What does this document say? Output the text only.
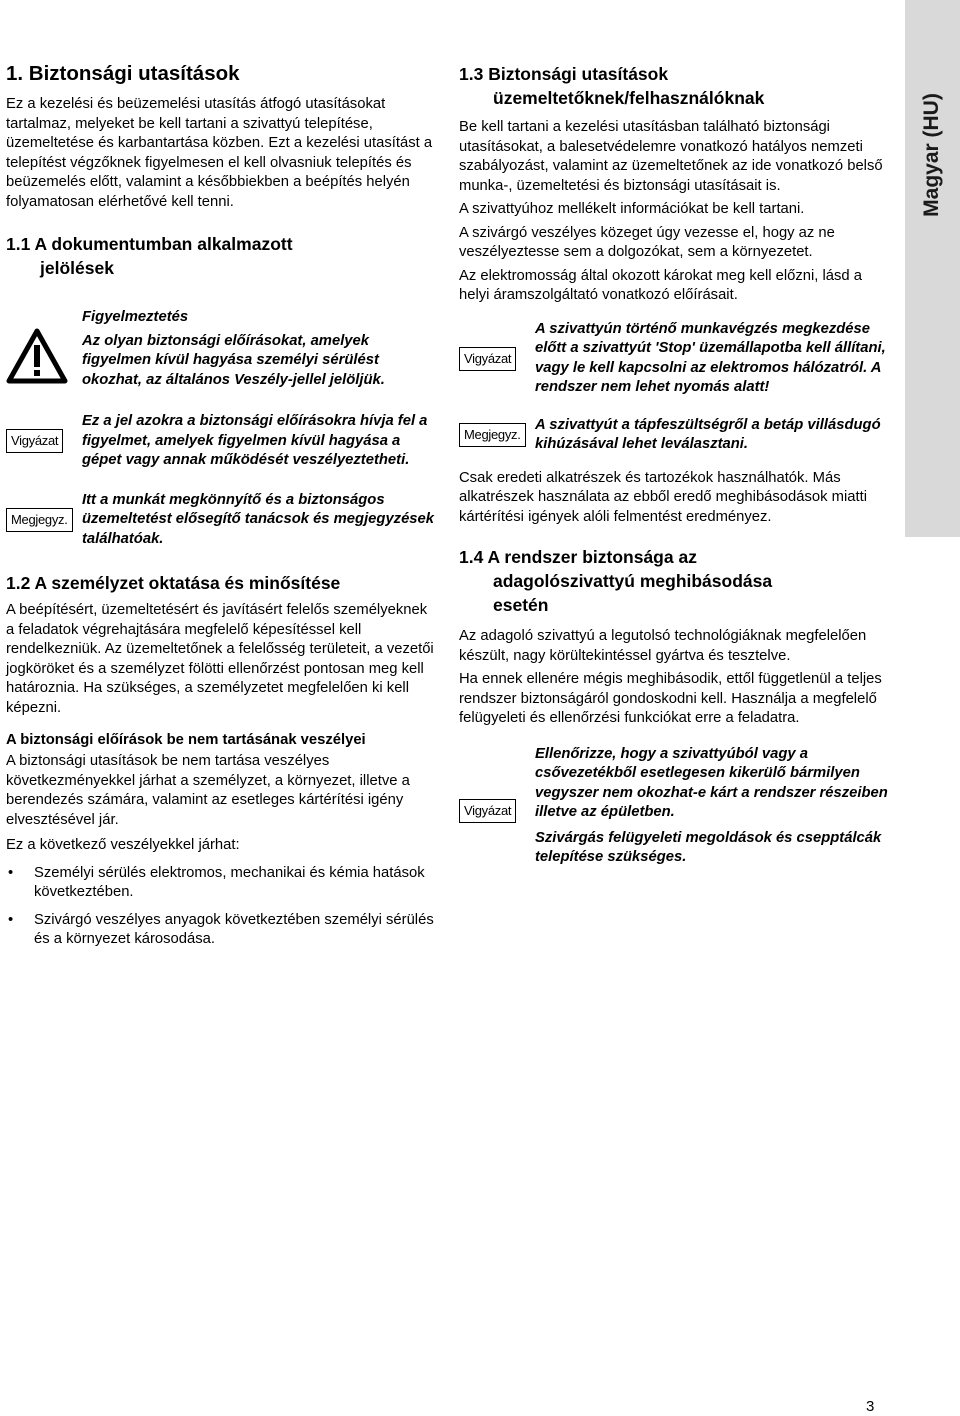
Magyar (HU)
1. Biztonsági utasítások

Ez a kezelési és beüzemelési utasítás átfogó utasításokat tartalmaz, melyeket be kell tartani a szivattyú telepítése, üzemeltetése és karbantartása közben. Ezt a kezelési utasítást a telepítést végzőknek figyelmesen el kell olvasniuk telepítés és beüzemelés előtt, valamint a későbbiekben a beépítés helyén folyamatosan elérhetővé kell tenni.

1.1 A dokumentumban alkalmazott
jelölések
Figyelmeztetés
Az olyan biztonsági előírásokat, amelyek figyelmen kívül hagyása személyi sérülést okozhat, az általános Veszély-jellel jelöljük.
Vigyázat
Ez a jel azokra a biztonsági előírásokra hívja fel a figyelmet, amelyek figyelmen kívül hagyása a gépet vagy annak működését veszélyeztetheti.
Megjegyz.
Itt a munkát megkönnyítő és a biztonságos üzemeltetést elősegítő tanácsok és megjegyzések találhatóak.
1.2 A személyzet oktatása és minősítése

A beépítésért, üzemeltetésért és javításért felelős személyeknek a feladatok végrehajtására megfelelő képesítéssel kell rendelkezniük. Az üzemeltetőnek a felelősség területeit, a vezetői jogköröket és a személyzet fölötti ellenőrzést pontosan meg kell határoznia. Ha szükséges, a személyzetet megfelelően ki kell képezni.

A biztonsági előírások be nem tartásának veszélyei

A biztonsági utasítások be nem tartása veszélyes következményekkel járhat a személyzet, a környezet, illetve a berendezés számára, valamint az esetleges kártérítési igény elvesztésével jár.

Ez a következő veszélyekkel járhat:

• Személyi sérülés elektromos, mechanikai és kémia hatások következtében.
• Szivárgó veszélyes anyagok következtében személyi sérülés és a környezet károsodása.
1.3 Biztonsági utasítások
üzemeltetőknek/felhasználóknak

Be kell tartani a kezelési utasításban található biztonsági utasításokat, a balesetvédelemre vonatkozó hatályos nemzeti szabályozást, valamint az üzemeltetőnek az ide vonatkozó belső munka-, üzemeltetési és biztonsági utasításait is.

A szivattyúhoz mellékelt információkat be kell tartani.

A szivárgó veszélyes közeget úgy vezesse el, hogy az ne veszélyeztesse sem a dolgozókat, sem a környezetet.

Az elektromosság által okozott károkat meg kell előzni, lásd a helyi áramszolgáltató vonatkozó előírásait.

Vigyázat
A szivattyún történő munkavégzés megkezdése előtt a szivattyút 'Stop' üzemállapotba kell állítani, vagy le kell kapcsolni az elektromos hálózatról. A rendszer nem lehet nyomás alatt!
Megjegyz.
A szivattyút a tápfeszültségről a betáp villásdugó kihúzásával lehet leválasztani.

Csak eredeti alkatrészek és tartozékok használhatók. Más alkatrészek használata az ebből eredő meghibásodások miatti kártérítési igények alóli felmentést eredményez.

1.4 A rendszer biztonsága az
adagolószivattyú meghibásodása
esetén

Az adagoló szivattyú a legutolsó technológiáknak megfelelően készült, nagy körültekintéssel gyártva és tesztelve.

Ha ennek ellenére mégis meghibásodik, ettől függetlenül a teljes rendszer biztonságáról gondoskodni kell. Használja a megfelelő felügyeleti és ellenőrzési funkciókat erre a feladatra.

Vigyázat
Ellenőrizze, hogy a szivattyúból vagy a csővezetékből esetlegesen kikerülő bármilyen vegyszer nem okozhat-e kárt a rendszer részeiben illetve az épületben.
Szivárgás felügyeleti megoldások és csepptálcák telepítése szükséges.
3
